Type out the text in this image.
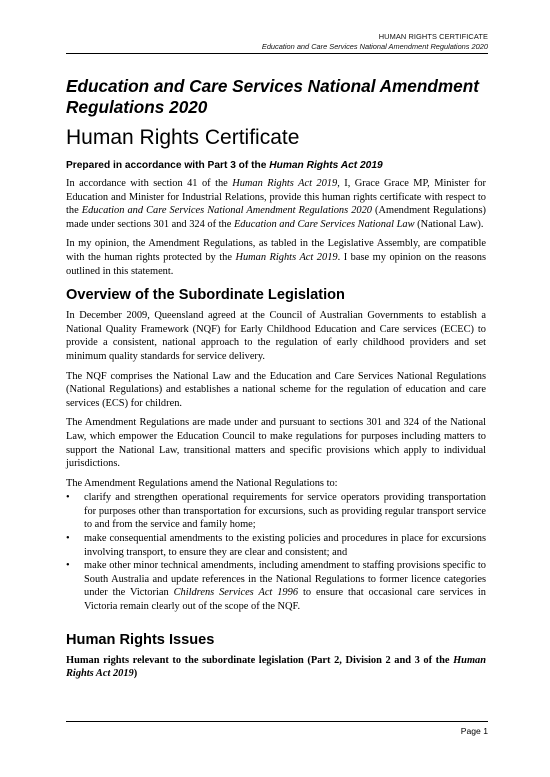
HUMAN RIGHTS CERTIFICATE
Education and Care Services National Amendment Regulations 2020
Education and Care Services National Amendment Regulations 2020
Human Rights Certificate
Prepared in accordance with Part 3 of the Human Rights Act 2019

In accordance with section 41 of the Human Rights Act 2019, I, Grace Grace MP, Minister for Education and Minister for Industrial Relations, provide this human rights certificate with respect to the Education and Care Services National Amendment Regulations 2020 (Amendment Regulations) made under sections 301 and 324 of the Education and Care Services National Law (National Law).

In my opinion, the Amendment Regulations, as tabled in the Legislative Assembly, are compatible with the human rights protected by the Human Rights Act 2019. I base my opinion on the reasons outlined in this statement.

Overview of the Subordinate Legislation

In December 2009, Queensland agreed at the Council of Australian Governments to establish a National Quality Framework (NQF) for Early Childhood Education and Care services (ECEC) to provide a consistent, national approach to the regulation of early childhood providers and set minimum quality standards for service delivery.

The NQF comprises the National Law and the Education and Care Services National Regulations (National Regulations) and establishes a national scheme for the regulation of education and care services (ECS) for children.

The Amendment Regulations are made under and pursuant to sections 301 and 324 of the National Law, which empower the Education Council to make regulations for purposes including matters to support the National Law, transitional matters and specific provisions which apply to individual jurisdictions.

The Amendment Regulations amend the National Regulations to:

• clarify and strengthen operational requirements for service operators providing transportation for purposes other than transportation for excursions, such as providing regular transport service to and from the service and family home;
• make consequential amendments to the existing policies and procedures in place for excursions involving transport, to ensure they are clear and consistent; and
• make other minor technical amendments, including amendment to staffing provisions specific to South Australia and update references in the National Regulations to former licence categories under the Victorian Childrens Services Act 1996 to ensure that occasional care services in Victoria remain clearly out of the scope of the NQF.
Human Rights Issues

Human rights relevant to the subordinate legislation (Part 2, Division 2 and 3 of the Human Rights Act 2019)

Page 1
